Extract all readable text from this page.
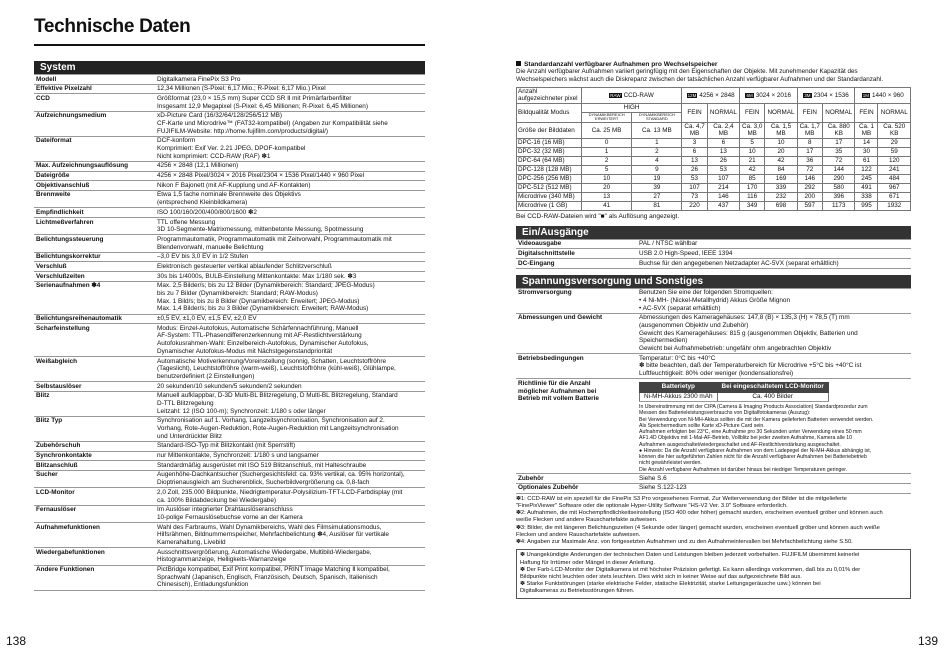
Technische Daten
System
Modell	Digitalkamera FinePix S3 Pro

Effektive Pixelzahl	12,34 Millionen (S-Pixel: 6,17 Mio.; R-Pixel: 6,17 Mio.) Pixel

CCD	Größformat (23,0 × 15,5 mm) Super CCD SR Ⅱ mit Primärfarbenfilter
Insgesamt 12,9 Megapixel (S-Pixel: 6,45 Millionen; R-Pixel: 6,45 Millionen)

Aufzeichnungsmedium	xD-Picture Card (16/32/64/128/256/512 MB)
CF-Karte und Microdrive™ (FAT32-kompatibel) (Angaben zur Kompatibilität siehe
FUJIFILM-Website: http://home.fujifilm.com/products/digital/)

Dateiformat	DCF-konform
Komprimiert: Exif Ver. 2.21 JPEG, DPOF-kompatibel
Nicht komprimiert: CCD-RAW (RAF) ✽1

Max. Aufzeichnungsauflösung	4256 × 2848 (12,1 Millionen)

Dateigröße	4256 × 2848 Pixel/3024 × 2016 Pixel/2304 × 1536 Pixel/1440 × 960 Pixel

Objektivanschluß	Nikon F Bajonett (mit AF-Kupplung und AF-Kontakten)

Brennweite	Etwa 1,5 fache nominale Brennweite des Objektivs
(entsprechend Kleinbildkamera)

Empfindlichkeit	ISO 100/160/200/400/800/1600 ✽2

Lichtmeßverfahren	TTL offene Messung
3D 10-Segmente-Matrixmessung, mittenbetonte Messung, Spotmessung

Belichtungssteuerung	Programmautomatik, Programmautomatik mit Zeitvorwahl, Programmautomatik mit
Blendenvorwahl, manuelle Belichtung

Belichtungskorrektur	–3,0 EV bis 3,0 EV in 1/2 Stufen

Verschluß	Elektronisch gesteuerter vertikal ablaufender Schlitzverschluß

Verschlußzeiten	30s bis 1/4000s, BULB-Einstellung Mittenkontakte: Max 1/180 sek. ✽3

Serienaufnahmen ✽4	Max. 2,5 Bilder/s; bis zu 12 Bilder (Dynamikbereich: Standard; JPEG-Modus)
bis zu 7 Bilder (Dynamikbereich: Standard; RAW-Modus)
Max. 1 Bild/s; bis zu 8 Bilder (Dynamikbereich: Erweitert; JPEG-Modus)
Max. 1,4 Bilder/s; bis zu 3 Bilder (Dynamikbereich: Erweitert; RAW-Modus)

Belichtungsreihenautomatik	±0,5 EV, ±1,0 EV, ±1,5 EV, ±2,0 EV

Scharfeinstellung	Modus: Einzel-Autofokus, Automatische Schärfennachführung, Manuell
AF-System: TTL-Phasendifferenzerkennung mit AF-Restlichtverstärkung
Autofokusrahmen-Wahl: Einzelbereich-Autofokus, Dynamischer Autofokus,
Dynamischer Autofokus-Modus mit Nächstgegenstandpriorität

Weißabgleich	Automatische Motiverkennung/Voreinstellung (sonnig, Schatten, Leuchtstoffröhre
(Tageslicht), Leuchtstoffröhre (warm-weiß), Leuchtstoffröhre (kühl-weiß), Glühlampe,
benutzerdefiniert (2 Einstellungen)

Selbstauslöser	20 sekunden/10 sekunden/5 sekunden/2 sekunden

Blitz	Manuell aufklappbar, D-3D Multi-BL Blitzregelung, D Multi-BL Blitzregelung, Standard
D-TTL Blitzregelung
Leitzahl: 12 (ISO 100-m); Synchronzeit: 1/180 s oder länger

Blitz Typ	Synchronisation auf 1. Vorhang, Langzeitsynchronisation, Synchronisation auf 2.
Vorhang, Rote-Augen-Reduktion, Rote-Augen-Reduktion mit Langzeitsynchronisation
und Unterdrückter Blitz

Zubehörschuh	Standard-ISO-Typ mit Blitzkontakt (mit Sperrstift)

Synchronkontakte	nur Mittenkontakte, Synchronzeit: 1/180 s und langsamer

Blitzanschluß	Standardmäßig ausgerüstet mit ISO 519 Blitzanschluß, mit Halteschraube

Sucher	Augenhöhe-Dachkantsucher (Suchergesichtsfeld: ca. 93% vertikal, ca. 95% horizontal),
Dioptrienausgleich am Sucherenblick, Sucherbildvergrößerung ca. 0,8-fach

LCD-Monitor	2,0 Zoll, 235.000 Bildpunkte, Niedrigtemperatur-Polysilizium-TFT-LCD-Farbdisplay (mit
ca. 100% Bildabdeckung bei Wiedergabe)

Fernauslöser	Im Auslöser integrierter Drahtauslöseranschluss
10-polige Fernauslösebuchse vorne an der Kamera

Aufnahmefunktionen	Wahl des Farbraums, Wahl Dynamikbereichs, Wahl des Filmsimulationsmodus,
Hilfsrähmen, Bildnummernspeicher, Mehrfachbelichtung ✽4, Auslöser für vertikale
Kamerahaltung, Livebild

Wiedergabefunktionen	Ausschnittsvergrößerung, Automatische Wiedergabe, Multibild-Wiedergabe,
Histogrammanzeige, Helligkeits-Warnanzeige

Andere Funktionen	PictBridge kompatibel, Exif Print kompatibel, PRINT Image Matching Ⅱ kompatibel,
Sprachwahl (Japanisch, Englisch, Französisch, Deutsch, Spanisch, Italienisch
Chinesisch), Entladungsfunktion
Standardanzahl verfügbarer Aufnahmen pro Wechselspeicher
Die Anzahl verfügbarer Aufnahmen variiert geringfügig mit den Eigenschaften der Objekte. Mit zunehmender Kapazität des
Wechselspeichers wächst auch die Diskrepanz zwischen der tatsächlichen Anzahl verfügbarer Aufnahmen und der Standardanzahl.
Anzahl aufgezeichneter pixel	RAW CCD-RAW		12M 4256 × 2848		6M 3024 × 2016		3M 2304 × 1536		1M 1440 × 960	
Bildqualität Modus	HIGH		FEIN	NORMAL	FEIN	NORMAL	FEIN	NORMAL	FEIN	NORMAL
	DYNAMIKBEREICH ERWEITERT	DYNAMIKBEREICH STANDARD								
Größe der Bilddaten	Ca. 25 MB	Ca. 13 MB	Ca. 4,7 MB	Ca. 2,4 MB	Ca. 3,0 MB	Ca. 1,5 MB	Ca. 1,7 MB	Ca. 880 KB	Ca. 1 MB	Ca. 520 KB
DPC-16 (16 MB)	0	1	3	6	5	10	8	17	14	29
DPC-32 (32 MB)	1	2	6	13	10	20	17	35	30	59
DPC-64 (64 MB)	2	4	13	26	21	42	36	72	61	120
DPC-128 (128 MB)	5	9	26	53	42	84	72	144	122	241
DPC-256 (256 MB)	10	19	53	107	85	169	146	290	245	484
DPC-512 (512 MB)	20	39	107	214	170	339	292	580	491	967
Microdrive (340 MB)	13	27	73	146	116	232	200	396	338	671
Microdrive (1 GB)	41	81	220	437	349	698	597	1173	995	1932
Bei CCD-RAW-Dateien wird "■" als Auflösung angezeigt.
Ein/Ausgänge
Videoausgabe	PAL / NTSC wählbar

Digitalschnittstelle	USB 2.0 High-Speed, IEEE 1394

DC-Eingang	Buchse für den angegebenen Netzadapter AC-5VX (separat erhältlich)
Spannungsversorgung und Sonstiges
Stromversorgung	Benutzen Sie eine der folgenden Stromquellen:
• 4 Ni-MH- (Nickel-Metallhydrid) Akkus Größe Mignon
• AC-5VX (separat erhältlich)

Abmessungen und Gewicht	Abmessungen des Kameragehäuses: 147,8 (B) × 135,3 (H) × 78,5 (T) mm
(ausgenommen Objektiv und Zubehör)
Gewicht des Kameragehäuses: 815 g (ausgenommen Objektiv, Batterien und
Speichermedien)
Gewicht bei Aufnahmebetrieb: ungefähr ohm angebrachten Objektiv

Betriebsbedingungen	Temperatur: 0°C bis +40°C
✽ bitte beachten, daß der Temperaturbereich für Microdrive +5°C bis +40°C ist
Luftfeuchtigkeit: 80% oder weniger (kondensationsfrei)

Richtlinie für die Anzahl
möglicher Aufnahmen bei
Betrieb mit vollem Batterie

Batterietyp	Bei eingeschaltetem LCD-Monitor
Ni-MH-Akkus 2300 mAh	Ca. 400 Bilder
In Übereinstimmung mit der CIPA (Camera & Imaging Products Association) Standardprozedur zum
Messen des Batterieleistungsverbrauchs von Digitalfotokameras (Auszug):
Bei Verwendung von Ni-MH-Akkus sollten die mit der Kamera gelieferten Batterien verwendet werden.
Als Speichermedium sollte Karte xD-Picture Card sein.
Aufnahmen erfolgten bei 23°C, eine Aufnahme pro 30 Sekunden unter Verwendung eines 50 mm
AF1.4D Objektivs mit 1-Mal-AF-Betrieb, Vollblitz bei jeder zweiten Aufnahme, Kamera alle 10
Aufnahmen ausgeschaltet/wiedergeschaltet und AF-Restlichtverstärkung ausgeschaltet.
● Hinweis: Da die Anzahl verfügbarer Aufnahmen von dem Ladepegel der Ni-MH-Akkus abhängig ist,
können die hier aufgeführten Zahlen nicht für die Anzahl verfügbarer Aufnahmen bei Batteriebetrieb
nicht gewährleistet werden.
Die Anzahl verfügbarer Aufnahmen ist darüber hinaus bei niedriger Temperaturen geringer.

Zubehör	Siehe S.6

Optionales Zubehör	Siehe S.122-123
✽1: CCD-RAW ist ein speziell für die FinePix S3 Pro vorgesehenes Format. Zur Weiterverwendung der Bilder ist die mitgelieferte
"FinePixViewer" Software oder die optionale Hyper-Utility Software "HS-V2 Ver. 3.0" Software erforderlich.
✽2: Aufnahmen, die mit Hochempfindlichkeitseinstellung (ISO 400 oder höher) gemacht wurden, erscheinen eventuell gröber und können auch
weiße Flecken und andere Rauschartefakte aufweisen.
✽3: Bilder, die mit längeren Belichtungszeiten (4 Sekunde oder länger) gemacht wurden, erscheinen eventuell gröber und können auch weiße
Flecken und andere Rauschartefakte aufweisen.
✽4: Angaben zur Maximale Anz. von fortgesetzten Aufnahmen und zu den Aufnahmeintervallen bei Mehrfachbelichtung siehe S.50.
✽ Unangekündigte Änderungen der technischen Daten und Leistungen bleiben jederzeit vorbehalten. FUJIFILM übernimmt keinerlei
Haftung für Irrtümer oder Mängel in dieser Anleitung.
✽ Der Farb-LCD-Monitor der Digitalkamera ist mit höchster Präzision gefertigt. Es kann allerdings vorkommen, daß bis zu 0,01% der
Bildpunkte nicht leuchten oder stets leuchten. Dies wirkt sich in keiner Weise auf das aufgezeichnete Bild aus.
✽ Starke Funktstörungen (starke elektrische Felder, statische Elektrizität, starke Leitungsgeräusche usw.) können bei
Digitalkameras zu Betriebsstörungen führen.
138	139
